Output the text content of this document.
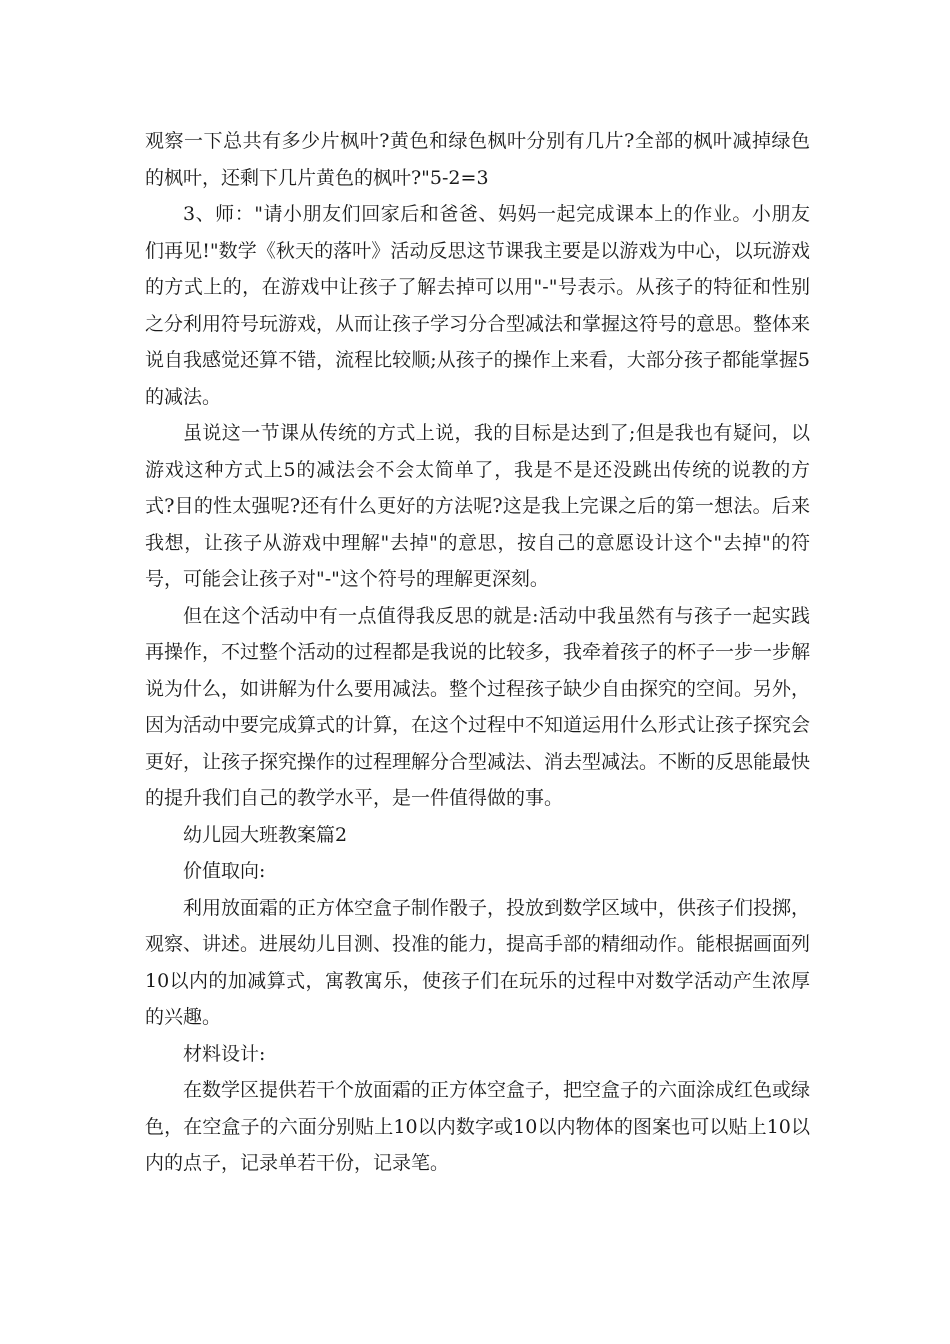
观察一下总共有多少片枫叶?黄色和绿色枫叶分别有几片?全部的枫叶减掉绿色的枫叶，还剩下几片黄色的枫叶?"5-2=3

3、师："请小朋友们回家后和爸爸、妈妈一起完成课本上的作业。小朋友们再见!"数学《秋天的落叶》活动反思这节课我主要是以游戏为中心，以玩游戏的方式上的，在游戏中让孩子了解去掉可以用"-"号表示。从孩子的特征和性别之分利用符号玩游戏，从而让孩子学习分合型减法和掌握这符号的意思。整体来说自我感觉还算不错，流程比较顺;从孩子的操作上来看，大部分孩子都能掌握5的减法。

虽说这一节课从传统的方式上说，我的目标是达到了;但是我也有疑问，以游戏这种方式上5的减法会不会太简单了，我是不是还没跳出传统的说教的方式?目的性太强呢?还有什么更好的方法呢?这是我上完课之后的第一想法。后来我想，让孩子从游戏中理解"去掉"的意思，按自己的意愿设计这个"去掉"的符号，可能会让孩子对"-"这个符号的理解更深刻。

但在这个活动中有一点值得我反思的就是:活动中我虽然有与孩子一起实践再操作，不过整个活动的过程都是我说的比较多，我牵着孩子的杯子一步一步解说为什么，如讲解为什么要用减法。整个过程孩子缺少自由探究的空间。另外，因为活动中要完成算式的计算，在这个过程中不知道运用什么形式让孩子探究会更好，让孩子探究操作的过程理解分合型减法、消去型减法。不断的反思能最快的提升我们自己的教学水平，是一件值得做的事。

幼儿园大班教案篇2

价值取向:

利用放面霜的正方体空盒子制作骰子，投放到数学区域中，供孩子们投掷，观察、讲述。进展幼儿目测、投准的能力，提高手部的精细动作。能根据画面列10以内的加减算式，寓教寓乐，使孩子们在玩乐的过程中对数学活动产生浓厚的兴趣。

材料设计:

在数学区提供若干个放面霜的正方体空盒子，把空盒子的六面涂成红色或绿色，在空盒子的六面分别贴上10以内数字或10以内物体的图案也可以贴上10以内的点子，记录单若干份，记录笔。
